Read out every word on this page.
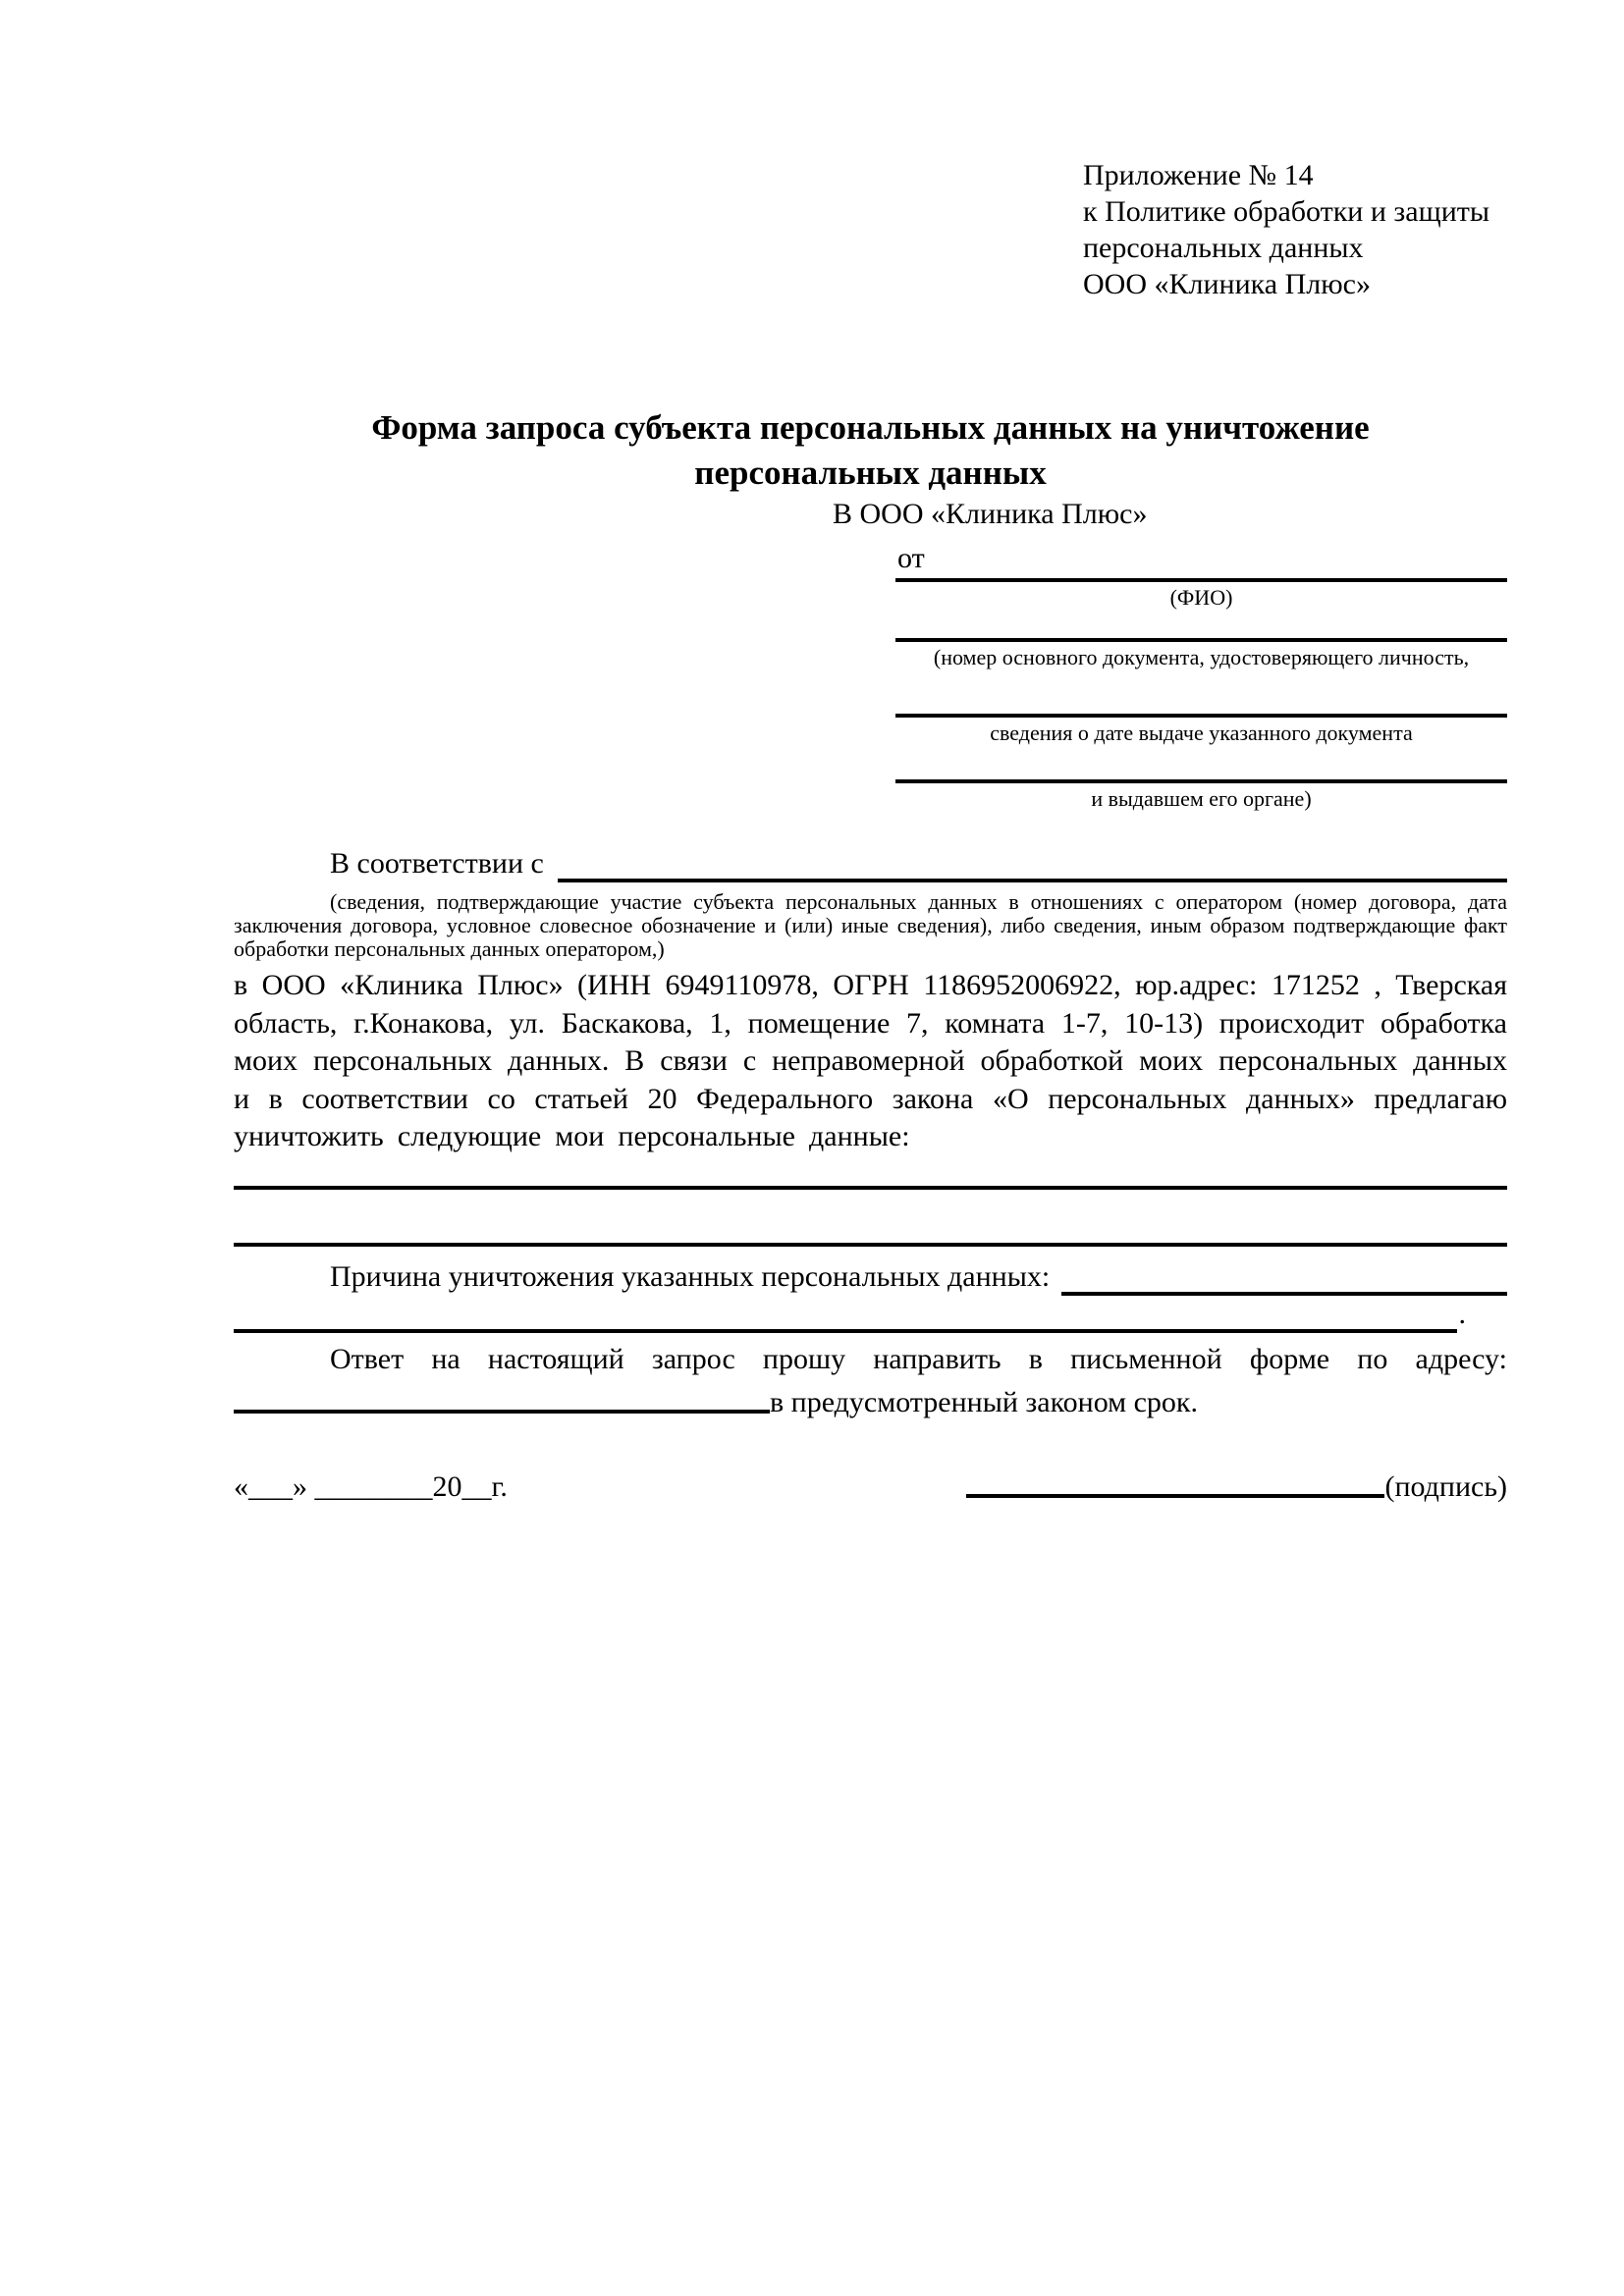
Приложение № 14
к Политике обработки и защиты
персональных данных
ООО «Клиника Плюс»
Форма запроса субъекта персональных данных на уничтожение
персональных данных
В ООО «Клиника Плюс»
от
(ФИО)
(номер основного документа, удостоверяющего личность,
сведения о дате выдаче указанного документа
и выдавшем его органе)
В соответствии с
(сведения, подтверждающие участие субъекта персональных данных в отношениях с оператором (номер договора, дата заключения договора, условное словесное обозначение и (или) иные сведения), либо сведения, иным образом подтверждающие факт обработки персональных данных оператором,)
в ООО «Клиника Плюс» (ИНН 6949110978, ОГРН 1186952006922, юр.адрес: 171252 , Тверская область, г.Конакова, ул. Баскакова, 1, помещение 7, комната 1-7, 10-13) происходит обработка моих персональных данных. В связи с неправомерной обработкой моих персональных данных и в соответствии со статьей 20 Федерального закона «О персональных данных» предлагаю уничтожить следующие мои персональные данные:
Причина уничтожения указанных персональных данных:
.
Ответ на настоящий запрос прошу направить в письменной форме по адресу:
в предусмотренный законом срок.
«___» ________20__г.	(подпись)
